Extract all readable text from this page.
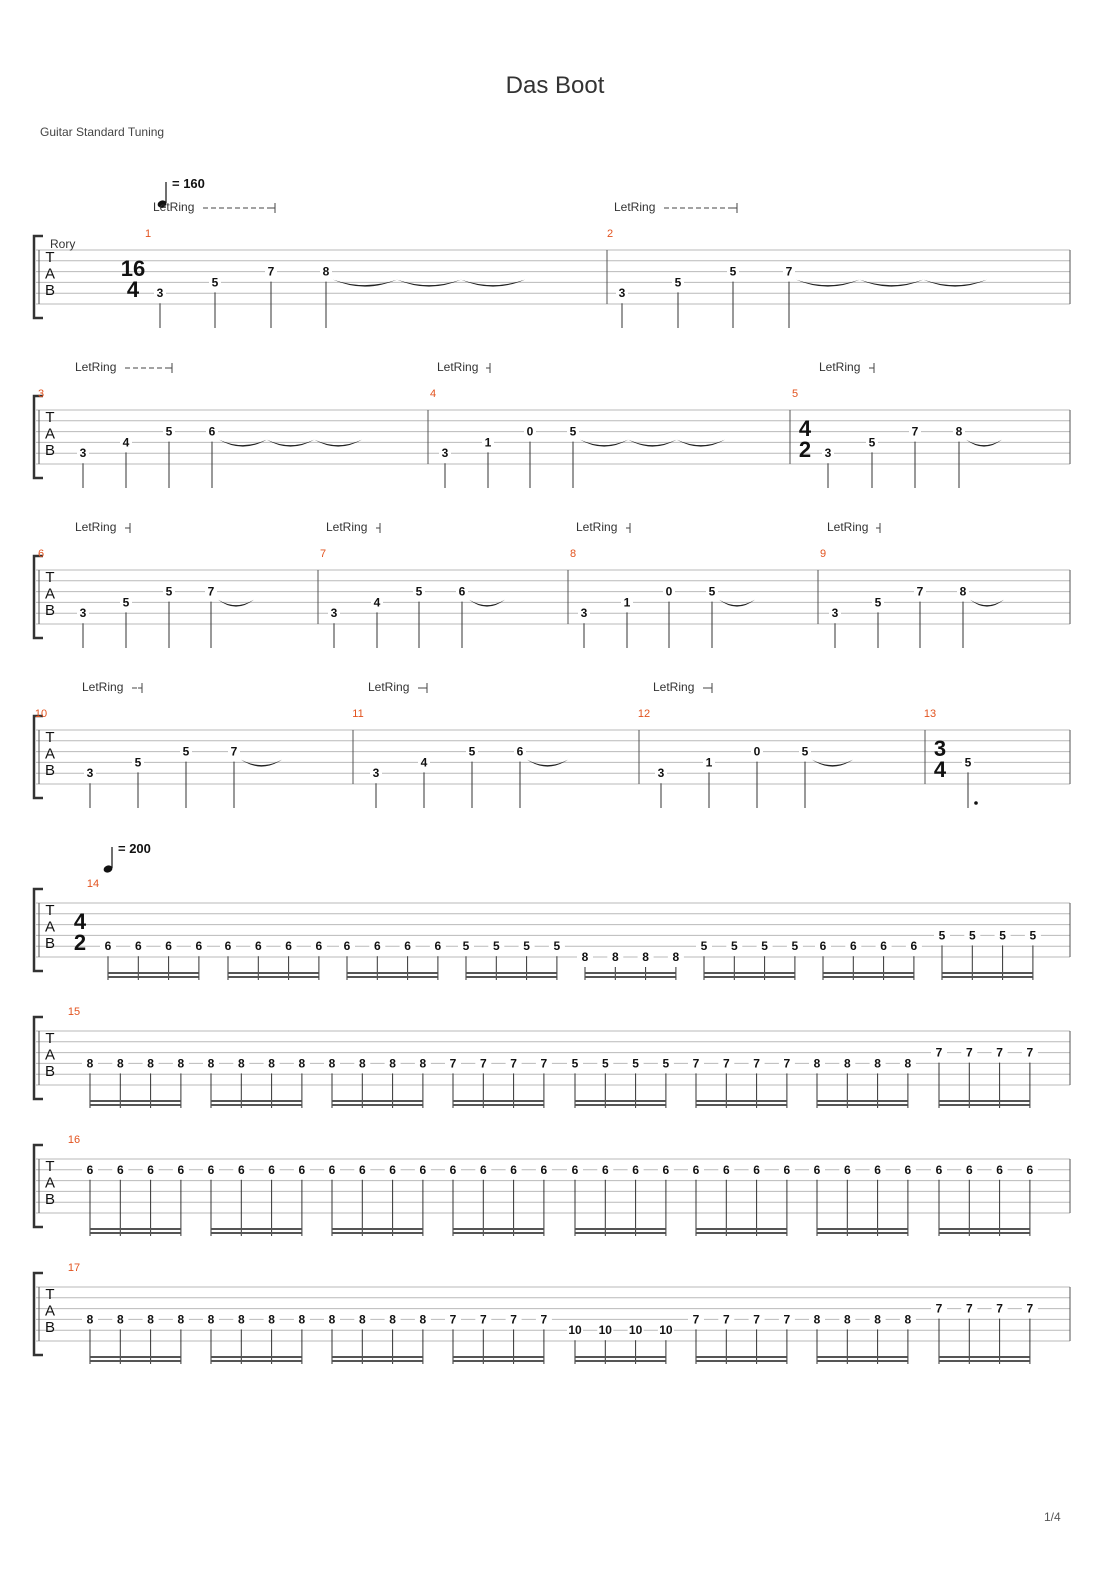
Das Boot
Guitar Standard Tuning
1/4
T
A
B
Rory
= 160
1
16
4
LetRing
3
5
7	8
2
LetRing
3
5
5	7
T
A
B
3
LetRing
3
4
5	6
4
LetRing
3
1
0	5
5
4
2
LetRing
3
5
7	8
T
A
B
6
LetRing
3
5
5	7
7
LetRing
3
4
5	6
8
LetRing
3
1
0	5
9
LetRing
3
5
7	8
T
A
B
10
LetRing
3
5
5	7
11
LetRing
3
4
5	6
12
LetRing
3
1
0	5
13
3
4 5
T
A
B
= 200
14
4
2 6 6 6 6 6 6 6 6 6 6 6 6 5 5 5 5
8 8 8 8
5 5 5 5 6 6 6 6
5 5 5 5
T
A
B
15
8 8 8 8 8 8 8 8 8 8 8 8 7 7 7 7 5 5 5 5 7 7 7 7 8 8 8 8
7 7 7 7
T
A
B
16
6 6 6 6 6 6 6 6 6 6 6 6 6 6 6 6 6 6 6 6 6 6 6 6 6 6 6 6 6 6 6 6
T
A
B
17
8 8 8 8 8 8 8 8 8 8 8 8 7 7 7 7
10 10 10 10
7 7 7 7 8 8 8 8
7 7 7 7
